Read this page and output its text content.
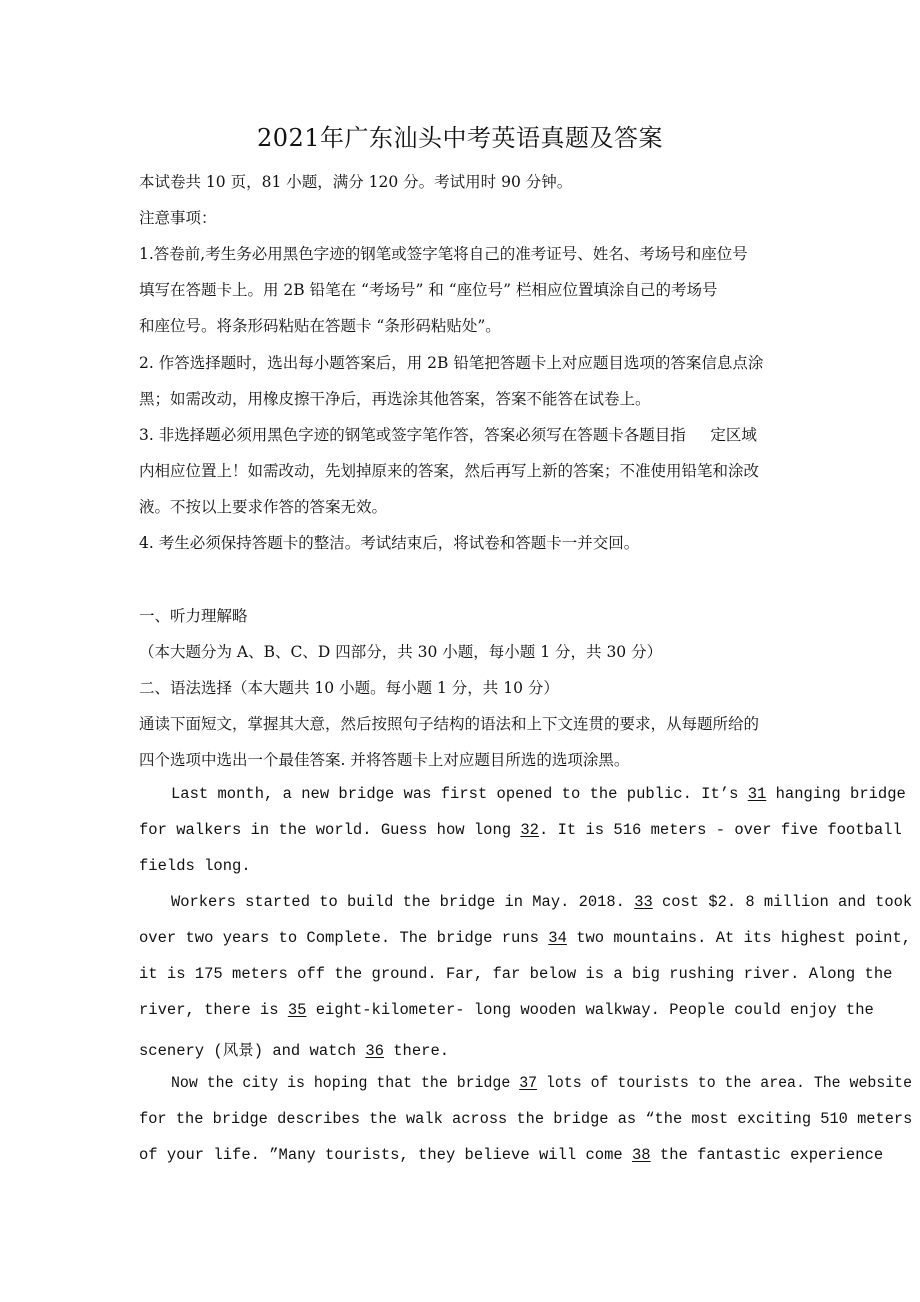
2021年广东汕头中考英语真题及答案
本试卷共 10 页，81 小题，满分 120 分。考试用时 90 分钟。
注意事项：
1.答卷前,考生务必用黑色字迹的钢笔或签字笔将自己的准考证号、姓名、考场号和座位号
填写在答题卡上。用 2B 铅笔在 “考场号” 和 “座位号” 栏相应位置填涂自己的考场号
和座位号。将条形码粘贴在答题卡 “条形码粘贴处”。
2. 作答选择题时，选出每小题答案后，用 2B 铅笔把答题卡上对应题目选项的答案信息点涂
黑；如需改动，用橡皮擦干净后，再选涂其他答案，答案不能答在试卷上。
3. 非选择题必须用黑色字迹的钢笔或签字笔作答，答案必须写在答题卡各题目指     定区域
内相应位置上！如需改动，先划掉原来的答案，然后再写上新的答案；不准使用铅笔和涂改
液。不按以上要求作答的答案无效。
4. 考生必须保持答题卡的整洁。考试结束后，将试卷和答题卡一并交回。
一、听力理解略
（本大题分为 A、B、C、D 四部分，共 30 小题，每小题 1 分，共 30 分）
二、语法选择（本大题共 10 小题。每小题 1 分，共 10 分）
通读下面短文，掌握其大意，然后按照句子结构的语法和上下文连贯的要求，从每题所给的
四个选项中选出一个最佳答案. 并将答题卡上对应题目所选的选项涂黑。
Last month, a new bridge was first opened to the public. It’s 31 hanging bridge
for walkers in the world. Guess how long 32. It is 516 meters - over five football
fields long.
Workers started to build the bridge in May. 2018. 33 cost $2. 8 million and took
over two years to Complete. The bridge runs 34 two mountains. At its highest point,
it is 175 meters off the ground. Far, far below is a big rushing river. Along the
river, there is 35 eight-kilometer- long wooden walkway. People could enjoy the
scenery (风景) and watch 36 there.
Now the city is hoping that the bridge 37 lots of tourists to the area. The website
for the bridge describes the walk across the bridge as “the most exciting 510 meters
of your life. ”Many tourists, they believe will come 38 the fantastic experience
